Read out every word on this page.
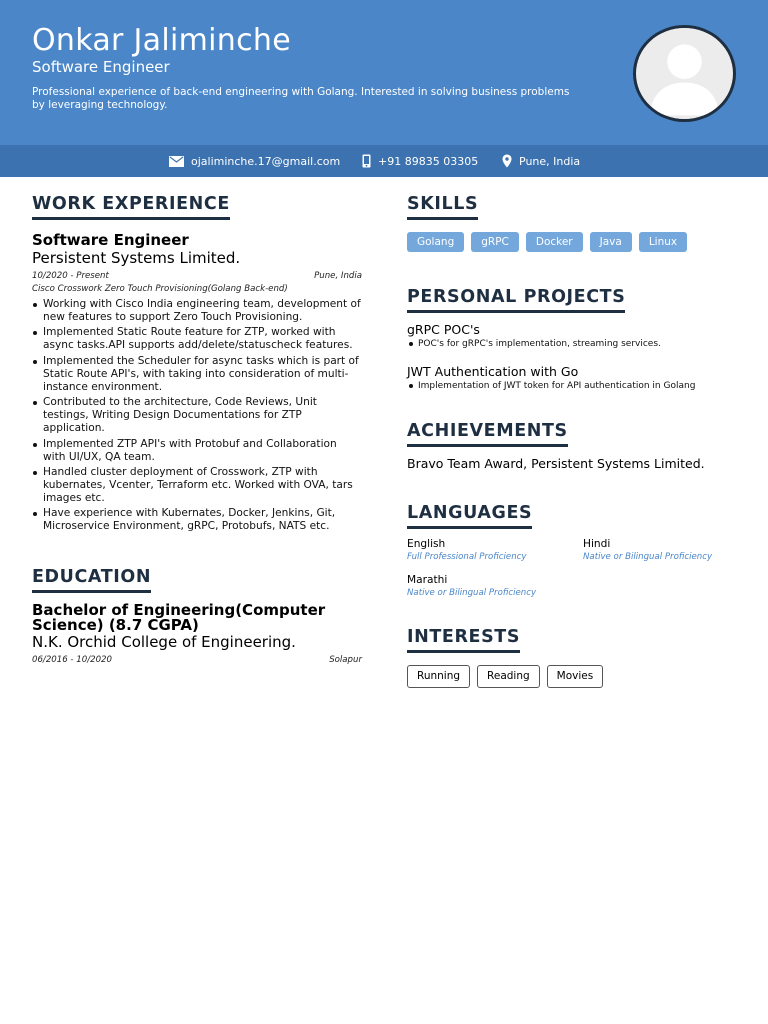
Onkar Jaliminche
Software Engineer
Professional experience of back-end engineering with Golang. Interested in solving business problems by leveraging technology.
ojaliminche.17@gmail.com	+91 89835 03305	Pune, India
WORK EXPERIENCE
Software Engineer
Persistent Systems Limited.
10/2020 - Present	Pune, India
Cisco Crosswork Zero Touch Provisioning(Golang Back-end)
Working with Cisco India engineering team, development of new features to support Zero Touch Provisioning.
Implemented Static Route feature for ZTP, worked with async tasks.API supports add/delete/statuscheck features.
Implemented the Scheduler for async tasks which is part of Static Route API's, with taking into consideration of multi-instance environment.
Contributed to the architecture, Code Reviews, Unit testings, Writing Design Documentations for ZTP application.
Implemented ZTP API's with Protobuf and Collaboration with UI/UX, QA team.
Handled cluster deployment of Crosswork, ZTP with kubernates, Vcenter, Terraform etc. Worked with OVA, tars images etc.
Have experience with Kubernates, Docker, Jenkins, Git, Microservice Environment, gRPC, Protobufs, NATS etc.
EDUCATION
Bachelor of Engineering(Computer Science) (8.7 CGPA)
N.K. Orchid College of Engineering.
06/2016 - 10/2020	Solapur
SKILLS
Golang	gRPC	Docker	Java	Linux
PERSONAL PROJECTS
gRPC POC's
POC's for gRPC's implementation, streaming services.
JWT Authentication with Go
Implementation of JWT token for API authentication in Golang
ACHIEVEMENTS
Bravo Team Award, Persistent Systems Limited.
LANGUAGES
English
Full Professional Proficiency
Hindi
Native or Bilingual Proficiency
Marathi
Native or Bilingual Proficiency
INTERESTS
Running	Reading	Movies
